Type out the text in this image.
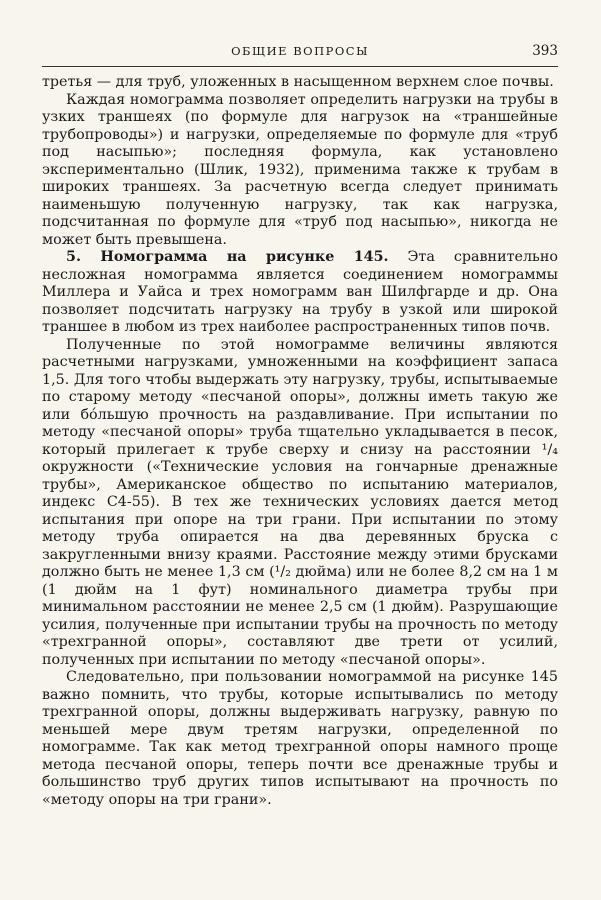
ОБЩИЕ ВОПРОСЫ	393

третья — для труб, уложенных в насыщенном верхнем слое почвы.

Каждая номограмма позволяет определить нагрузки на трубы в узких траншеях (по формуле для нагрузок на «траншейные трубопроводы») и нагрузки, определяемые по формуле для «труб под насыпью»; последняя формула, как установлено экспериментально (Шлик, 1932), применима также к трубам в широких траншеях. За расчетную всегда следует принимать наименьшую полученную нагрузку, так как нагрузка, подсчитанная по формуле для «труб под насыпью», никогда не может быть превышена.

5. Номограмма на рисунке 145. Эта сравнительно несложная номограмма является соединением номограммы Миллера и Уайса и трех номограмм ван Шилфгарде и др. Она позволяет подсчитать нагрузку на трубу в узкой или широкой траншее в любом из трех наиболее распространенных типов почв.

Полученные по этой номограмме величины являются расчетными нагрузками, умноженными на коэффициент запаса 1,5. Для того чтобы выдержать эту нагрузку, трубы, испытываемые по старому методу «песчаной опоры», должны иметь такую же или бóльшую прочность на раздавливание. При испытании по методу «песчаной опоры» труба тщательно укладывается в песок, который прилегает к трубе сверху и снизу на расстоянии ¹/₄ окружности («Технические условия на гончарные дренажные трубы», Американское общество по испытанию материалов, индекс С4-55). В тех же технических условиях дается метод испытания при опоре на три грани. При испытании по этому методу труба опирается на два деревянных бруска с закругленными внизу краями. Расстояние между этими брусками должно быть не менее 1,3 см (¹/₂ дюйма) или не более 8,2 см на 1 м (1 дюйм на 1 фут) номинального диаметра трубы при минимальном расстоянии не менее 2,5 см (1 дюйм). Разрушающие усилия, полученные при испытании трубы на прочность по методу «трехгранной опоры», составляют две трети от усилий, полученных при испытании по методу «песчаной опоры».

Следовательно, при пользовании номограммой на рисунке 145 важно помнить, что трубы, которые испытывались по методу трехгранной опоры, должны выдерживать нагрузку, равную по меньшей мере двум третям нагрузки, определенной по номограмме. Так как метод трехгранной опоры намного проще метода песчаной опоры, теперь почти все дренажные трубы и большинство труб других типов испытывают на прочность по «методу опоры на три грани».
